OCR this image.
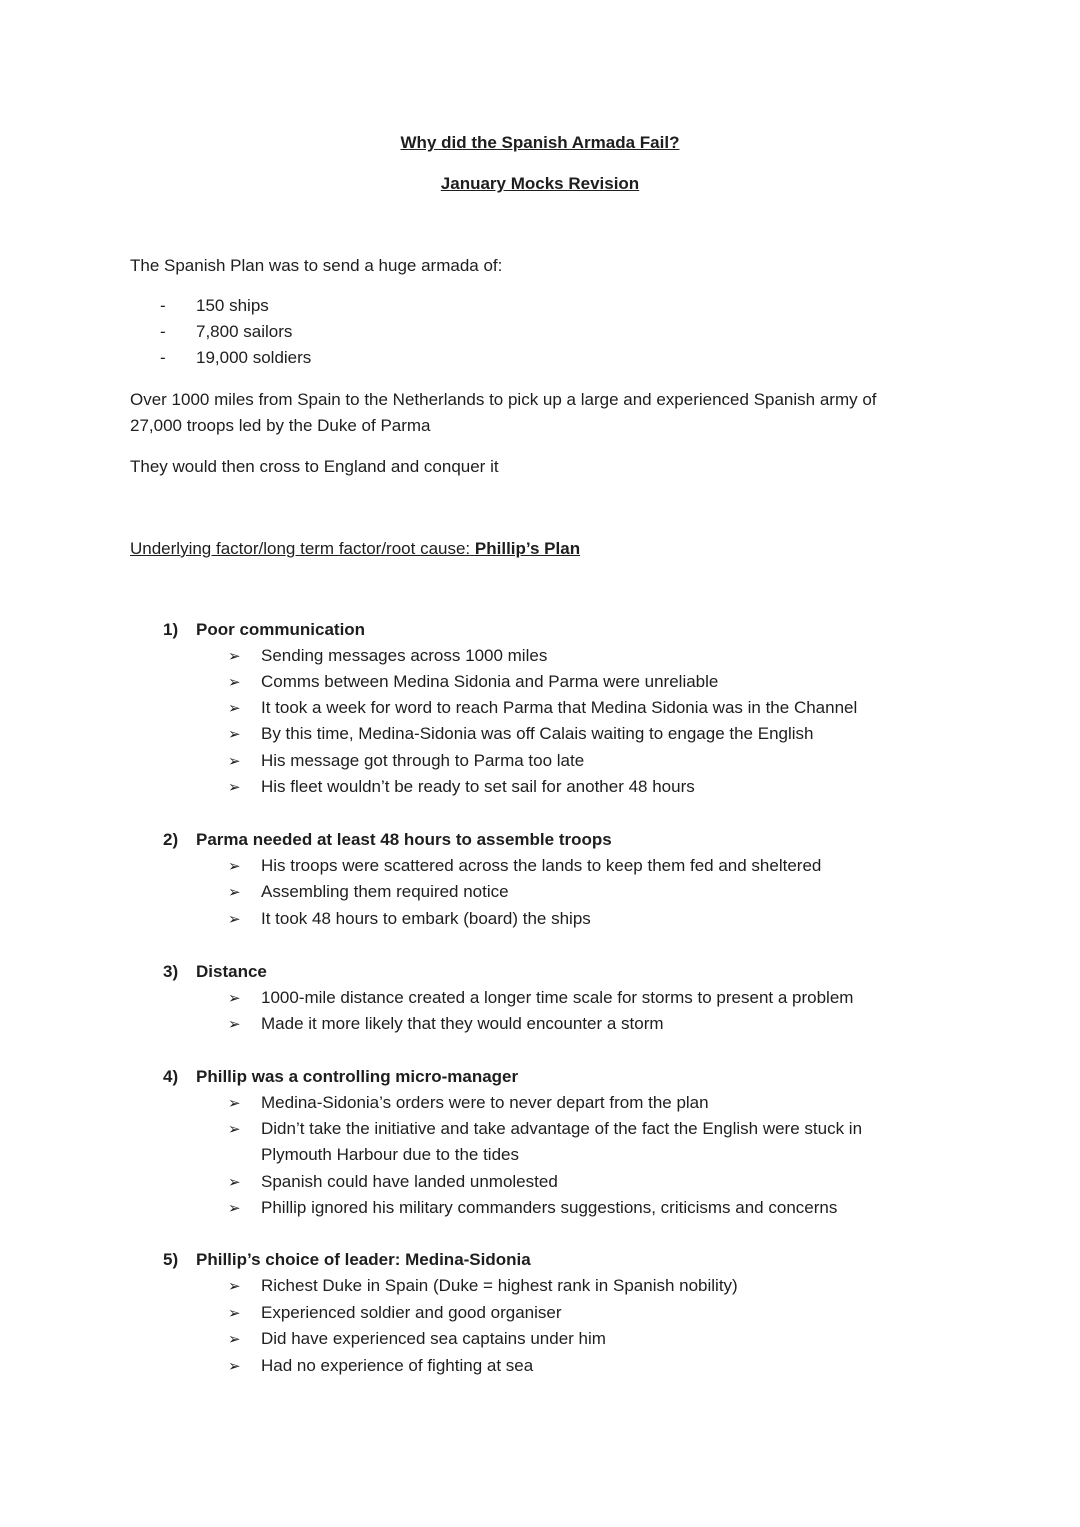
Why did the Spanish Armada Fail?
January Mocks Revision
The Spanish Plan was to send a huge armada of:
- 150 ships
- 7,800 sailors
- 19,000 soldiers
Over 1000 miles from Spain to the Netherlands to pick up a large and experienced Spanish army of
27,000 troops led by the Duke of Parma
They would then cross to England and conquer it
Underlying factor/long term factor/root cause: Phillip’s Plan
1) Poor communication
➢ Sending messages across 1000 miles
➢ Comms between Medina Sidonia and Parma were unreliable
➢ It took a week for word to reach Parma that Medina Sidonia was in the Channel
➢ By this time, Medina-Sidonia was off Calais waiting to engage the English
➢ His message got through to Parma too late
➢ His fleet wouldn’t be ready to set sail for another 48 hours
2) Parma needed at least 48 hours to assemble troops
➢ His troops were scattered across the lands to keep them fed and sheltered
➢ Assembling them required notice
➢ It took 48 hours to embark (board) the ships
3) Distance
➢ 1000-mile distance created a longer time scale for storms to present a problem
➢ Made it more likely that they would encounter a storm
4) Phillip was a controlling micro-manager
➢ Medina-Sidonia’s orders were to never depart from the plan
➢ Didn’t take the initiative and take advantage of the fact the English were stuck in
Plymouth Harbour due to the tides
➢ Spanish could have landed unmolested
➢ Phillip ignored his military commanders suggestions, criticisms and concerns
5) Phillip’s choice of leader: Medina-Sidonia
➢ Richest Duke in Spain (Duke = highest rank in Spanish nobility)
➢ Experienced soldier and good organiser
➢ Did have experienced sea captains under him
➢ Had no experience of fighting at sea
